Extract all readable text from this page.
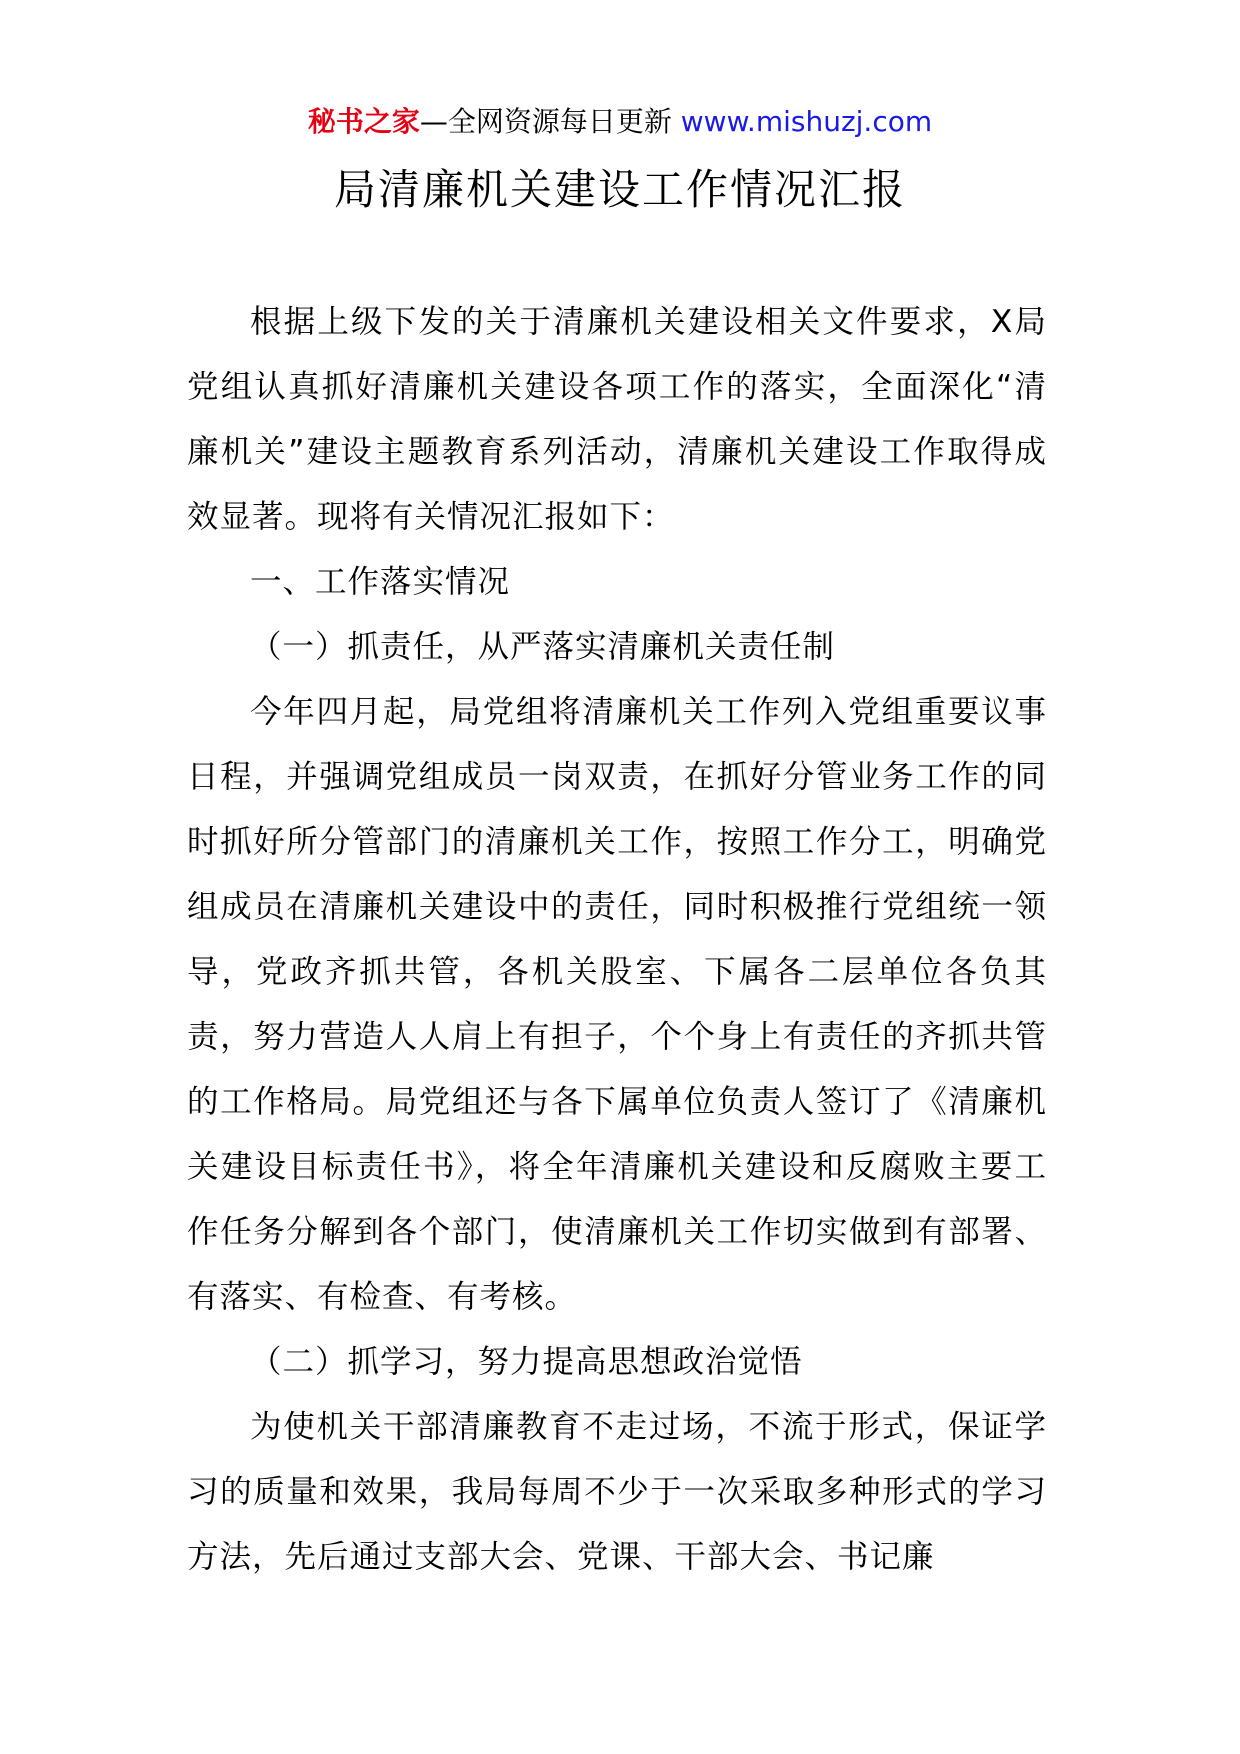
秘书之家—全网资源每日更新 www.mishuzj.com
局清廉机关建设工作情况汇报

根据上级下发的关于清廉机关建设相关文件要求，X局党组认真抓好清廉机关建设各项工作的落实，全面深化“清廉机关”建设主题教育系列活动，清廉机关建设工作取得成效显著。现将有关情况汇报如下：

一、工作落实情况

（一）抓责任，从严落实清廉机关责任制

今年四月起，局党组将清廉机关工作列入党组重要议事日程，并强调党组成员一岗双责，在抓好分管业务工作的同时抓好所分管部门的清廉机关工作，按照工作分工，明确党组成员在清廉机关建设中的责任，同时积极推行党组统一领导，党政齐抓共管，各机关股室、下属各二层单位各负其责，努力营造人人肩上有担子，个个身上有责任的齐抓共管的工作格局。局党组还与各下属单位负责人签订了《清廉机关建设目标责任书》，将全年清廉机关建设和反腐败主要工作任务分解到各个部门，使清廉机关工作切实做到有部署、有落实、有检查、有考核。

（二）抓学习，努力提高思想政治觉悟

为使机关干部清廉教育不走过场，不流于形式，保证学习的质量和效果，我局每周不少于一次采取多种形式的学习方法，先后通过支部大会、党课、干部大会、书记廉
